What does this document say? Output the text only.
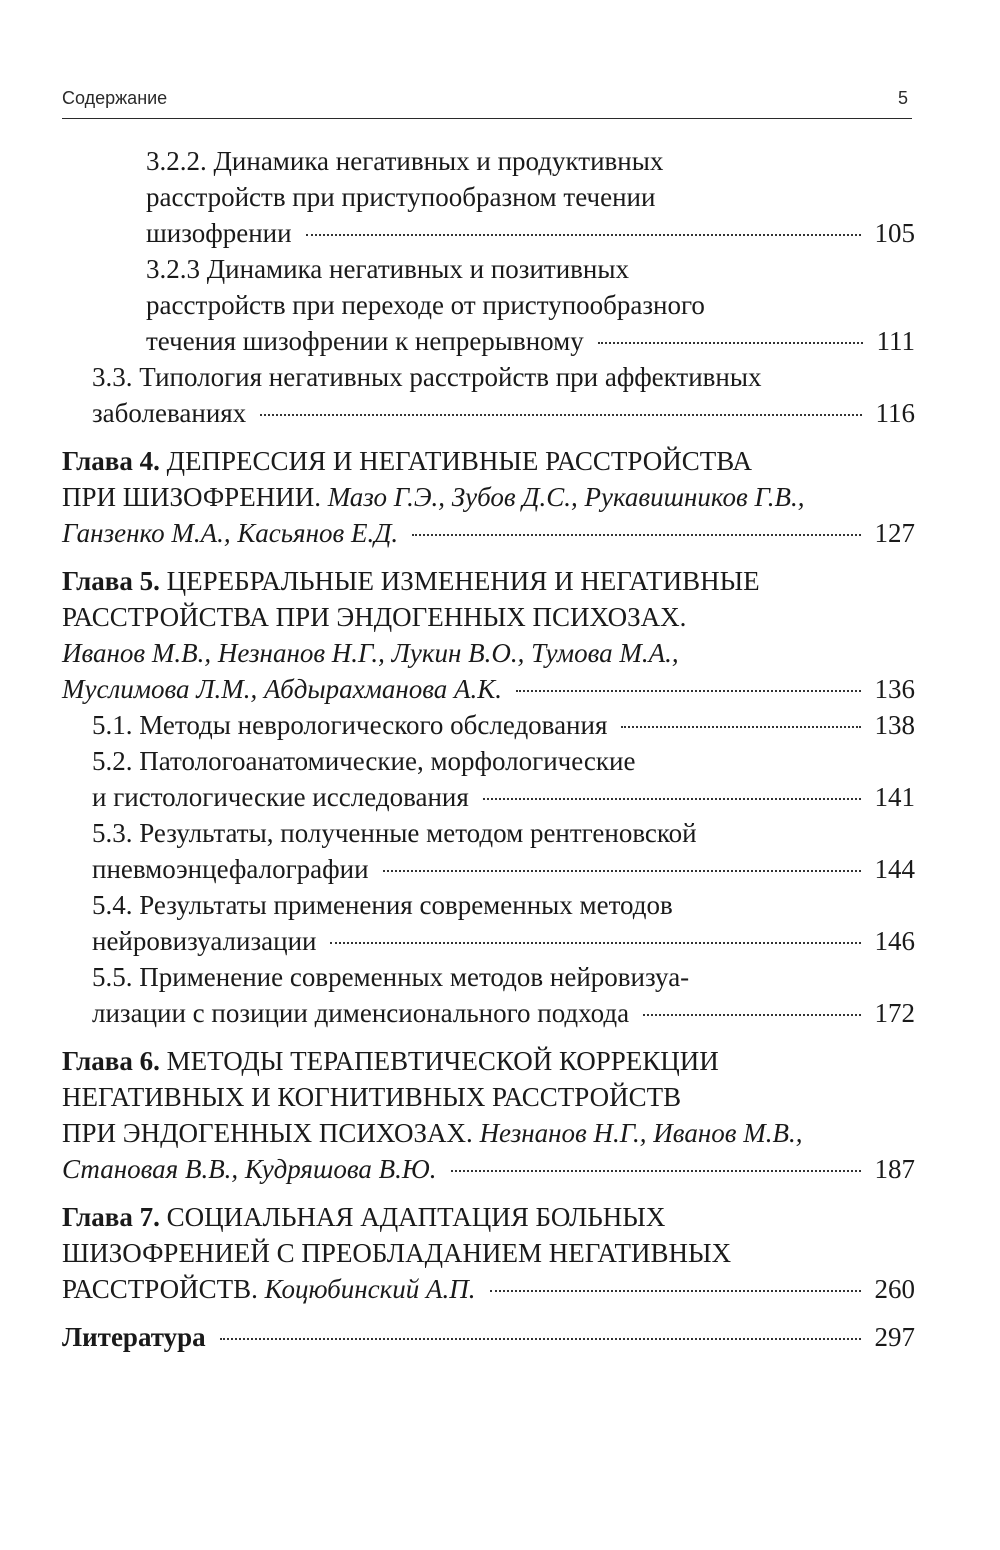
Содержание	5
3.2.2. Динамика негативных и продуктивных
расстройств при приступообразном течении
шизофрении	105
3.2.3 Динамика негативных и позитивных
расстройств при переходе от приступообразного
течения шизофрении к непрерывному	111
3.3. Типология негативных расстройств при аффективных
заболеваниях	116
Глава 4. ДЕПРЕССИЯ И НЕГАТИВНЫЕ РАССТРОЙСТВА
ПРИ ШИЗОФРЕНИИ. Мазо Г.Э., Зубов Д.С., Рукавишников Г.В.,
Ганзенко М.А., Касьянов Е.Д.	127
Глава 5. ЦЕРЕБРАЛЬНЫЕ ИЗМЕНЕНИЯ И НЕГАТИВНЫЕ
РАССТРОЙСТВА ПРИ ЭНДОГЕННЫХ ПСИХОЗАХ.
Иванов М.В., Незнанов Н.Г., Лукин В.О., Тумова М.А.,
Муслимова Л.М., Абдырахманова А.К.	136
5.1. Методы неврологического обследования	138
5.2. Патологоанатомические, морфологические
и гистологические исследования	141
5.3. Результаты, полученные методом рентгеновской
пневмоэнцефалографии	144
5.4. Результаты применения современных методов
нейровизуализации	146
5.5. Применение современных методов нейровизуа-
лизации с позиции дименсионального подхода	172
Глава 6. МЕТОДЫ ТЕРАПЕВТИЧЕСКОЙ КОРРЕКЦИИ
НЕГАТИВНЫХ И КОГНИТИВНЫХ РАССТРОЙСТВ
ПРИ ЭНДОГЕННЫХ ПСИХОЗАХ. Незнанов Н.Г., Иванов М.В.,
Становая В.В., Кудряшова В.Ю.	187
Глава 7. СОЦИАЛЬНАЯ АДАПТАЦИЯ БОЛЬНЫХ
ШИЗОФРЕНИЕЙ С ПРЕОБЛАДАНИЕМ НЕГАТИВНЫХ
РАССТРОЙСТВ. Коцюбинский А.П.	260
Литература	297
